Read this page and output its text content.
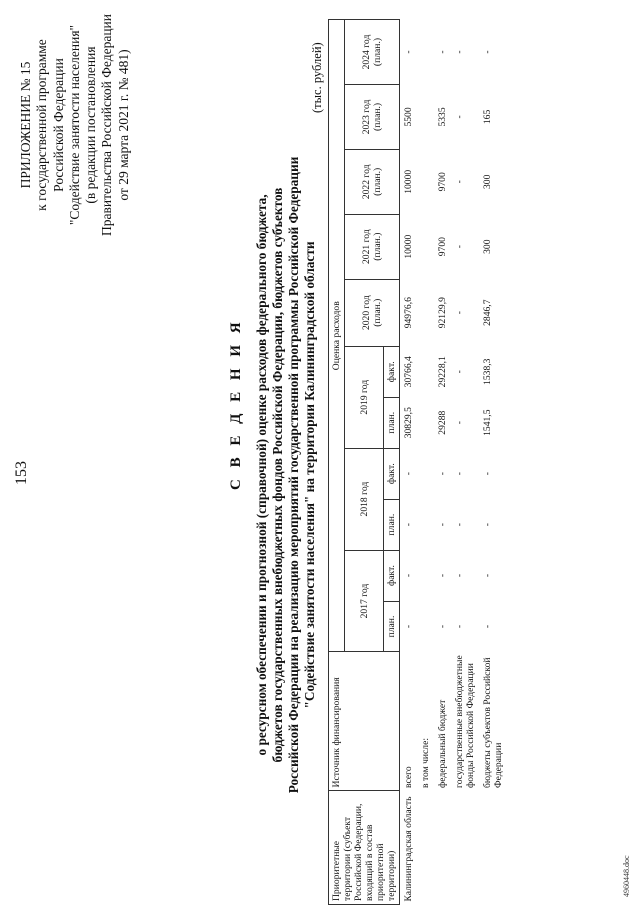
153
ПРИЛОЖЕНИЕ № 15 к государственной программе Российской Федерации "Содействие занятости населения" (в редакции постановления Правительства Российской Федерации от 29 марта 2021 г. № 481)
С В Е Д Е Н И Я о ресурсном обеспечении и прогнозной (справочной) оценке расходов федерального бюджета, бюджетов государственных внебюджетных фондов Российской Федерации, бюджетов субъектов Российской Федерации на реализацию мероприятий государственной программы Российской Федерации "Содействие занятости населения" на территории Калининградской области
(тыс. рублей)
Приоритетные территории (субъект Российской Федерации, входящий в состав приоритетной территории)	Источник финансирования	Оценка расходов										
		2017 год		2018 год		2019 год		2020 год (план.)	2021 год (план.)	2022 год (план.)	2023 год (план.)	2024 год (план.)
		план.	факт.	план.	факт.	план.	факт.					
Калининградская область	всего	-	-	-	-	30829,5	30766,4	94976,6	10000	10000	5500	-
	в том числе:											
	федеральный бюджет	-	-	-	-	29288	29228,1	92129,9	9700	9700	5335	-
	государственные внебюджетные фонды Российской Федерации	-	-	-	-	-	-	-	-	-	-	-
	бюджеты субъектов Российской Федерации	-	-	-	-	1541,5	1538,3	2846,7	300	300	165	-
4960448.doc
